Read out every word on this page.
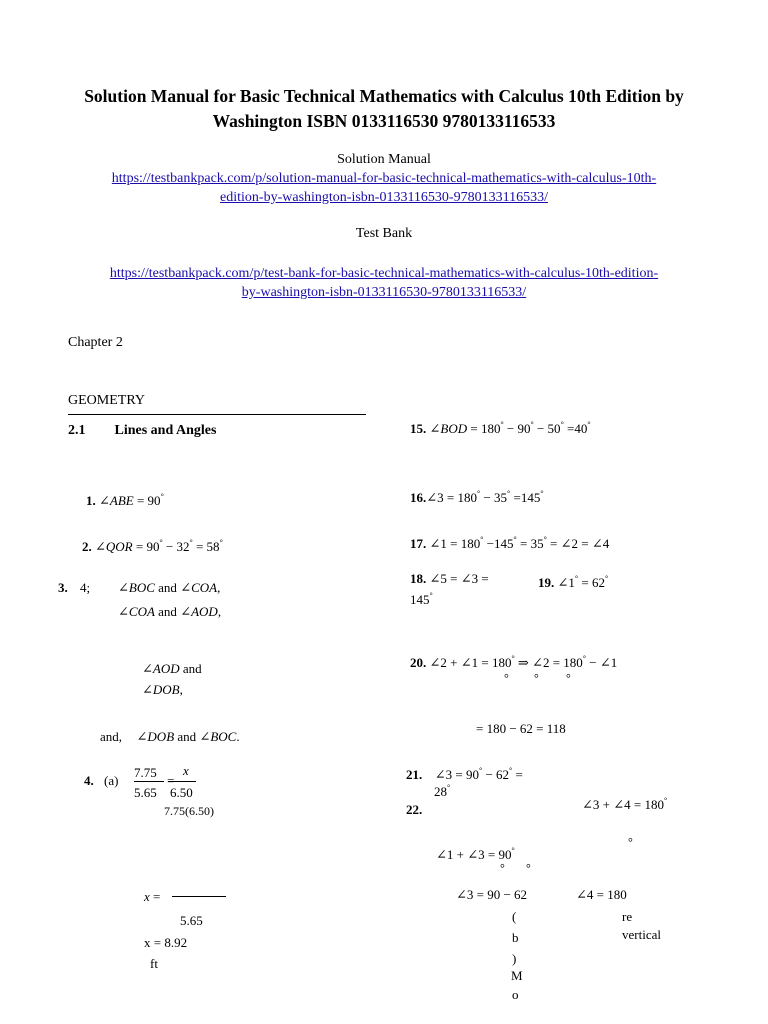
Solution Manual for Basic Technical Mathematics with Calculus 10th Edition by Washington ISBN 0133116530 9780133116533
Solution Manual
https://testbankpack.com/p/solution-manual-for-basic-technical-mathematics-with-calculus-10th-
edition-by-washington-isbn-0133116530-9780133116533/
Test Bank
https://testbankpack.com/p/test-bank-for-basic-technical-mathematics-with-calculus-10th-edition-
by-washington-isbn-0133116530-9780133116533/
Chapter 2
GEOMETRY
2.1 Lines and Angles
1. ∠ABE = 90°
2. ∠QOR = 90° − 32° = 58°
3. 4; ∠BOC and ∠COA,
∠COA and ∠AOD,
∠AOD and
∠DOB,
and, ∠DOB and ∠BOC.
4. (a)
7.75
=
x
5.65 6.50
7.75(6.50)
x =
5.65
x = 8.92
ft
15. ∠BOD = 180° − 90° − 50° =40°
16.∠3 = 180° − 35° =145°
17. ∠1 = 180° −145° = 35° = ∠2 = ∠4
18. ∠5 = ∠3 =
145°
19. ∠1° = 62°
20. ∠2 + ∠1 = 180° ⇒ ∠2 = 180° − ∠1
° ° °
= 180 − 62 = 118
21. ∠3 = 90° − 62° =
28°
22.	∠3 + ∠4 = 180°
°
∠1 + ∠3 = 90°
° °
∠3 = 90 − 62	∠4 = 180
(
b
)
M
o
re
vertical
